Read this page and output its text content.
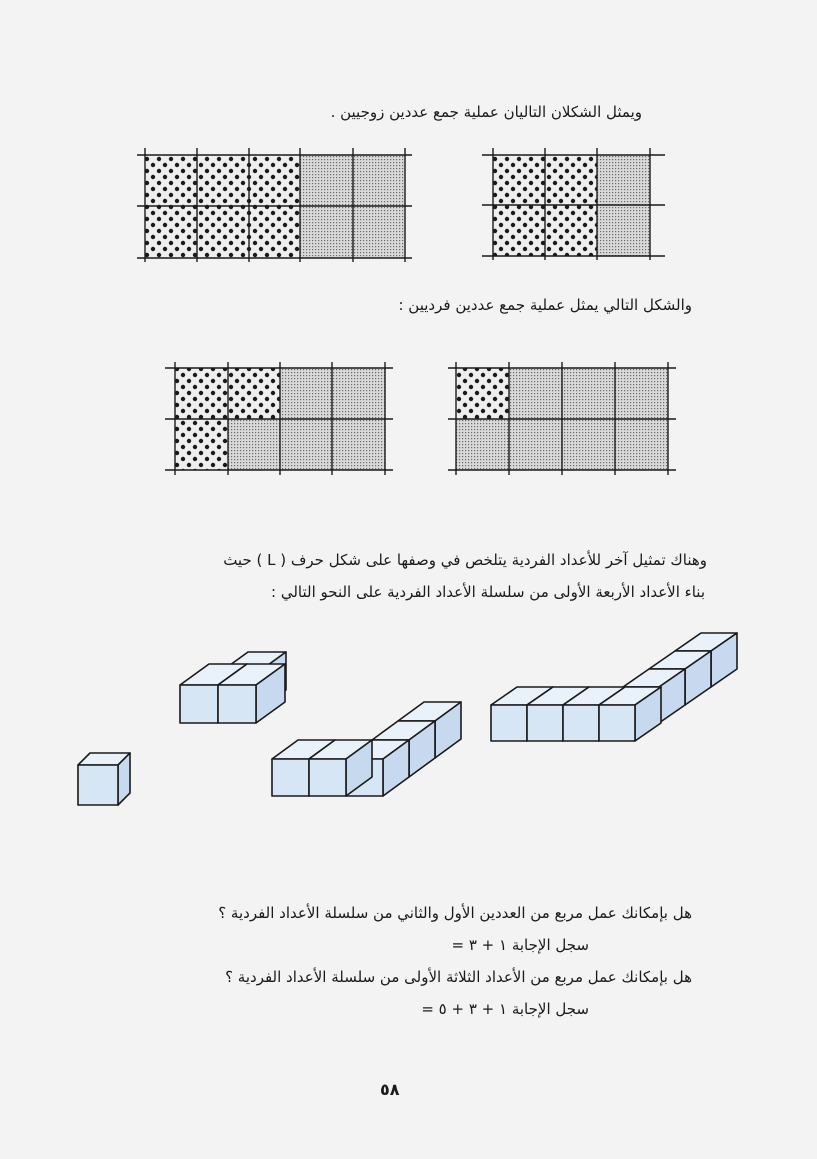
ويمثل الشكلان التاليان عملية جمع عددين زوجيين .
والشكل التالي يمثل عملية جمع عددين فرديين :
وهناك تمثيل آخر للأعداد الفردية يتلخص في وصفها على شكل حرف ( L ) حيث
بناء الأعداد الأربعة الأولى من سلسلة الأعداد الفردية على النحو التالي :
هل بإمكانك عمل مربع من العددين الأول والثاني من سلسلة الأعداد الفردية ؟
سجل الإجابة ١ + ٣ =
هل بإمكانك عمل مربع من الأعداد الثلاثة الأولى من سلسلة الأعداد الفردية ؟
سجل الإجابة ١ + ٣ + ٥ =
٥٨
